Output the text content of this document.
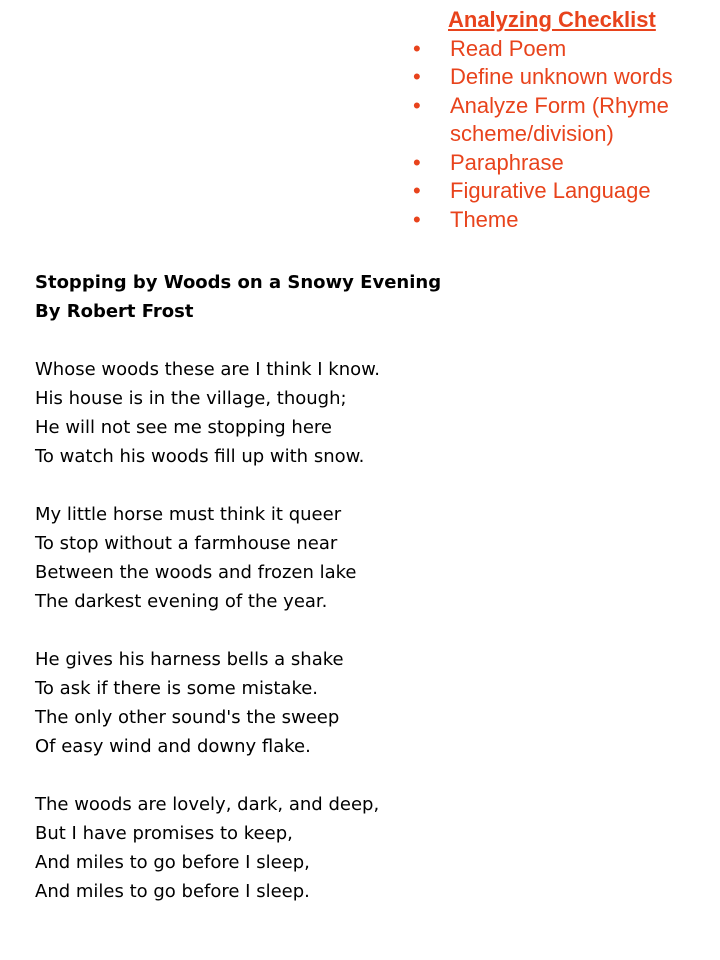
Analyzing Checklist
• Read Poem
• Define unknown words
• Analyze Form (Rhyme scheme/division)
• Paraphrase
• Figurative Language
• Theme
Stopping by Woods on a Snowy Evening
By Robert Frost
Whose woods these are I think I know.
His house is in the village, though;
He will not see me stopping here
To watch his woods fill up with snow.
My little horse must think it queer
To stop without a farmhouse near
Between the woods and frozen lake
The darkest evening of the year.
He gives his harness bells a shake
To ask if there is some mistake.
The only other sound's the sweep
Of easy wind and downy flake.
The woods are lovely, dark, and deep,
But I have promises to keep,
And miles to go before I sleep,
And miles to go before I sleep.
